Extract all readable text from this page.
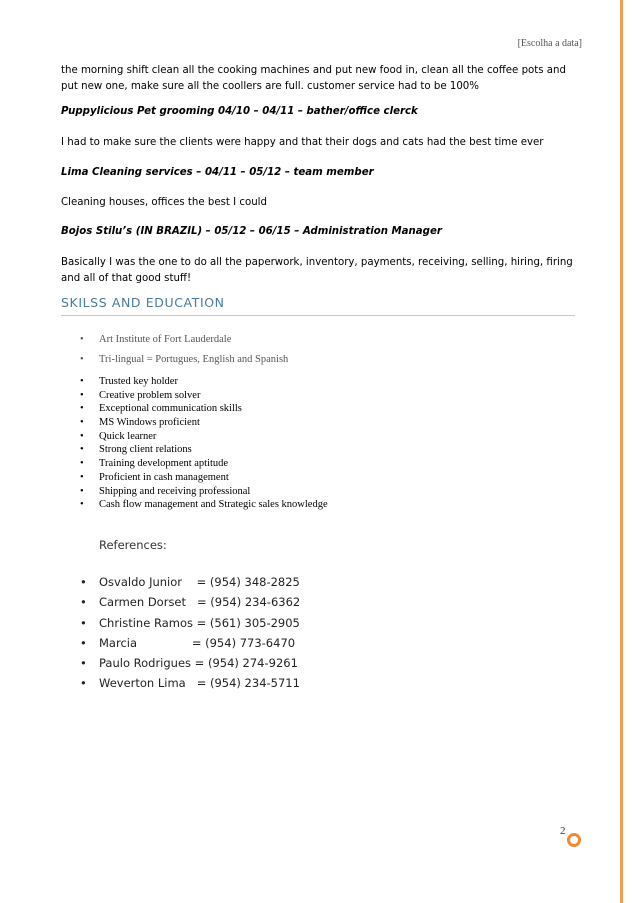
[Escolha a data]
the morning shift clean all the cooking machines and put new food in, clean all the coffee pots and put new one, make sure all the coollers are full. customer service had to be 100%
Puppylicious Pet grooming 04/10 – 04/11 – bather/office clerck
I had to make sure the clients were happy and that their dogs and cats had the best time ever
Lima Cleaning services – 04/11 – 05/12 – team member
Cleaning houses, offices the best I could
Bojos Stilu’s (IN BRAZIL) – 05/12 – 06/15 – Administration Manager
Basically I was the one to do all the paperwork, inventory, payments, receiving, selling, hiring, firing and all of that good stuff!
SKILSS AND EDUCATION
• Art Institute of Fort Lauderdale
• Tri-lingual = Portugues, English and Spanish
• Trusted key holder
• Creative problem solver
• Exceptional communication skills
• MS Windows proficient
• Quick learner
• Strong client relations
• Training development aptitude
• Proficient in cash management
• Shipping and receiving professional
• Cash flow management and Strategic sales knowledge
References:
• Osvaldo Junior    = (954) 348-2825
• Carmen Dorset   = (954) 234-6362
• Christine Ramos = (561) 305-2905
• Marcia               = (954) 773-6470
• Paulo Rodrigues = (954) 274-9261
• Weverton Lima   = (954) 234-5711
2
